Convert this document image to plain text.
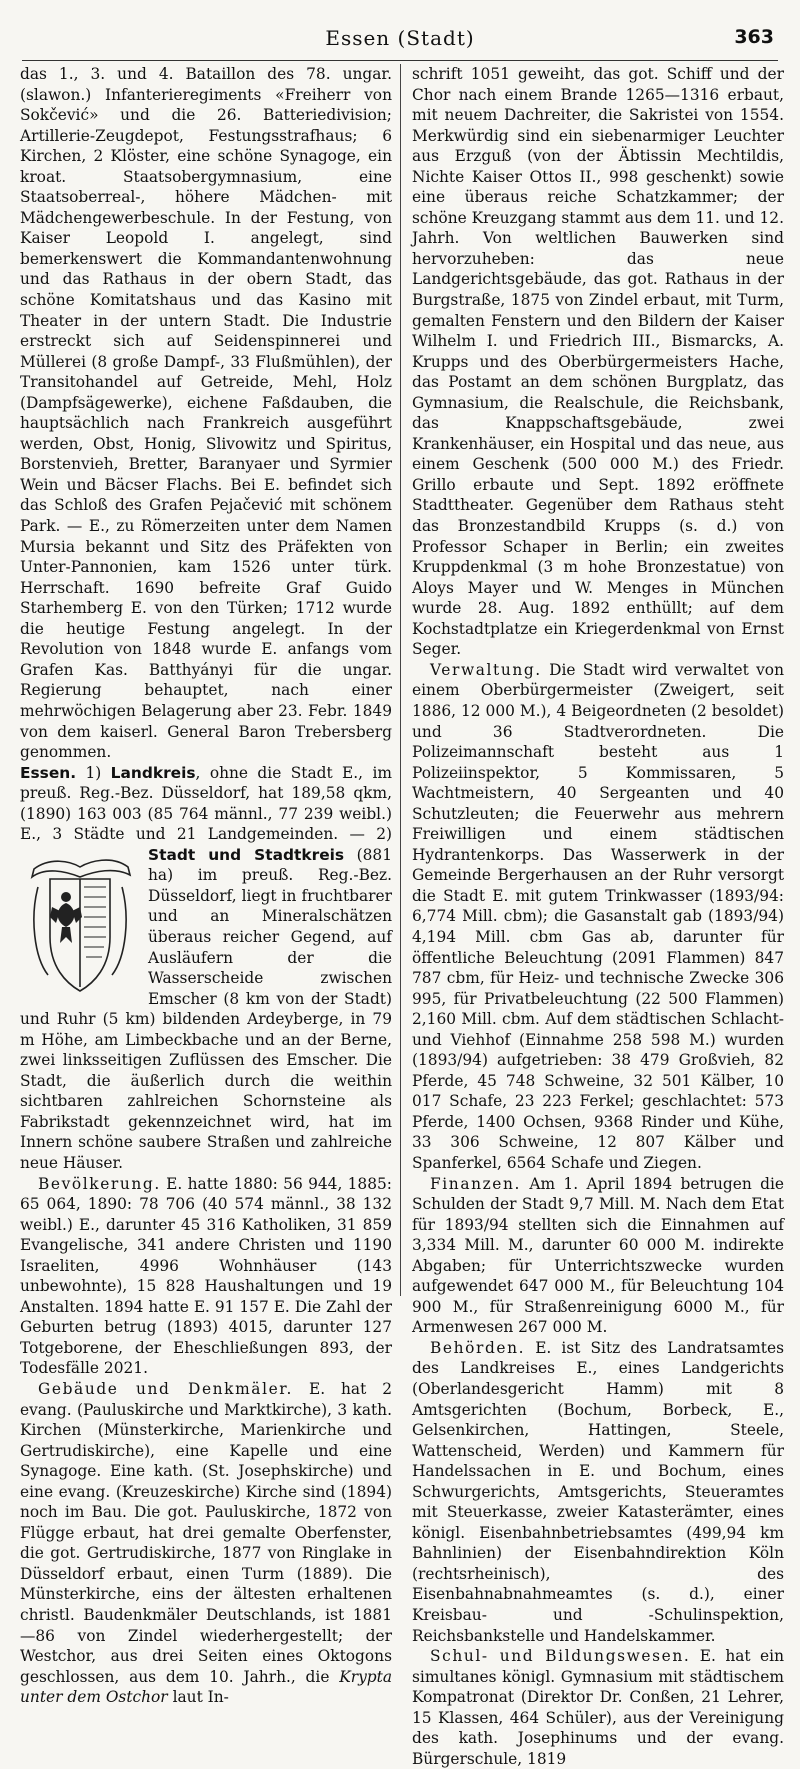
Essen (Stadt)	363

das 1., 3. und 4. Bataillon des 78. ungar. (slawon.) Infanterieregiments «Freiherr von Sokčević» und die 26. Batteriedivision; Artillerie-Zeugdepot, Festungsstrafhaus; 6 Kirchen, 2 Klöster, eine schöne Synagoge, ein kroat. Staatsobergymnasium, eine Staatsoberreal-, höhere Mädchen- mit Mädchengewerbeschule. In der Festung, von Kaiser Leopold I. angelegt, sind bemerkenswert die Kommandantenwohnung und das Rathaus in der obern Stadt, das schöne Komitatshaus und das Kasino mit Theater in der untern Stadt. Die Industrie erstreckt sich auf Seidenspinnerei und Müllerei (8 große Dampf-, 33 Flußmühlen), der Transitohandel auf Getreide, Mehl, Holz (Dampfsägewerke), eichene Faßdauben, die hauptsächlich nach Frankreich ausgeführt werden, Obst, Honig, Slivowitz und Spiritus, Borstenvieh, Bretter, Baranyaer und Syrmier Wein und Bäcser Flachs. Bei E. befindet sich das Schloß des Grafen Pejačević mit schönem Park. — E., zu Römerzeiten unter dem Namen Mursia bekannt und Sitz des Präfekten von Unter-Pannonien, kam 1526 unter türk. Herrschaft. 1690 befreite Graf Guido Starhemberg E. von den Türken; 1712 wurde die heutige Festung angelegt. In der Revolution von 1848 wurde E. anfangs vom Grafen Kas. Batthyányi für die ungar. Regierung behauptet, nach einer mehrwöchigen Belagerung aber 23. Febr. 1849 von dem kaiserl. General Baron Trebersberg genommen.

Essen. 1) Landkreis, ohne die Stadt E., im preuß. Reg.-Bez. Düsseldorf, hat 189,58 qkm, (1890) 163 003 (85 764 männl., 77 239 weibl.) E., 3 Städte und 21 Landgemeinden. — 2) Stadt und Stadtkreis
(881 ha) im preuß. Reg.-Bez. Düsseldorf, liegt in fruchtbarer und an Mineralschätzen überaus reicher Gegend, auf Ausläufern der die Wasserscheide zwischen Emscher (8 km von der Stadt) und Ruhr (5 km) bildenden Ardeyberge, in 79 m Höhe, am Limbeckbache und an der Berne, zwei linksseitigen Zuflüssen des Emscher. Die Stadt, die äußerlich durch die weithin sichtbaren zahlreichen Schornsteine als Fabrikstadt gekennzeichnet wird, hat im Innern schöne saubere Straßen und zahlreiche neue Häuser.

Bevölkerung. E. hatte 1880: 56 944, 1885: 65 064, 1890: 78 706 (40 574 männl., 38 132 weibl.) E., darunter 45 316 Katholiken, 31 859 Evangelische, 341 andere Christen und 1190 Israeliten, 4996 Wohnhäuser (143 unbewohnte), 15 828 Haushaltungen und 19 Anstalten. 1894 hatte E. 91 157 E. Die Zahl der Geburten betrug (1893) 4015, darunter 127 Totgeborene, der Eheschließungen 893, der Todesfälle 2021.

Gebäude und Denkmäler. E. hat 2 evang. (Pauluskirche und Marktkirche), 3 kath. Kirchen (Münsterkirche, Marienkirche und Gertrudiskirche), eine Kapelle und eine Synagoge. Eine kath. (St. Josephskirche) und eine evang. (Kreuzeskirche) Kirche sind (1894) noch im Bau. Die got. Pauluskirche, 1872 von Flügge erbaut, hat drei gemalte Oberfenster, die got. Gertrudiskirche, 1877 von Ringlake in Düsseldorf erbaut, einen Turm (1889). Die Münsterkirche, eins der ältesten erhaltenen christl. Baudenkmäler Deutschlands, ist 1881—86 von Zindel wiederhergestellt; der Westchor, aus drei Seiten eines Oktogons geschlossen, aus dem 10. Jahrh., die Krypta unter dem Ostchor laut In-

schrift 1051 geweiht, das got. Schiff und der Chor nach einem Brande 1265—1316 erbaut, mit neuem Dachreiter, die Sakristei von 1554. Merkwürdig sind ein siebenarmiger Leuchter aus Erzguß (von der Äbtissin Mechtildis, Nichte Kaiser Ottos II., 998 geschenkt) sowie eine überaus reiche Schatzkammer; der schöne Kreuzgang stammt aus dem 11. und 12. Jahrh. Von weltlichen Bauwerken sind hervorzuheben: das neue Landgerichtsgebäude, das got. Rathaus in der Burgstraße, 1875 von Zindel erbaut, mit Turm, gemalten Fenstern und den Bildern der Kaiser Wilhelm I. und Friedrich III., Bismarcks, A. Krupps und des Oberbürgermeisters Hache, das Postamt an dem schönen Burgplatz, das Gymnasium, die Realschule, die Reichsbank, das Knappschaftsgebäude, zwei Krankenhäuser, ein Hospital und das neue, aus einem Geschenk (500 000 M.) des Friedr. Grillo erbaute und Sept. 1892 eröffnete Stadttheater. Gegenüber dem Rathaus steht das Bronzestandbild Krupps (s. d.) von Professor Schaper in Berlin; ein zweites Kruppdenkmal (3 m hohe Bronzestatue) von Aloys Mayer und W. Menges in München wurde 28. Aug. 1892 enthüllt; auf dem Kochstadtplatze ein Kriegerdenkmal von Ernst Seger.

Verwaltung. Die Stadt wird verwaltet von einem Oberbürgermeister (Zweigert, seit 1886, 12 000 M.), 4 Beigeordneten (2 besoldet) und 36 Stadtverordneten. Die Polizeimannschaft besteht aus 1 Polizeiinspektor, 5 Kommissaren, 5 Wachtmeistern, 40 Sergeanten und 40 Schutzleuten; die Feuerwehr aus mehrern Freiwilligen und einem städtischen Hydrantenkorps. Das Wasserwerk in der Gemeinde Bergerhausen an der Ruhr versorgt die Stadt E. mit gutem Trinkwasser (1893/94: 6,774 Mill. cbm); die Gasanstalt gab (1893/94) 4,194 Mill. cbm Gas ab, darunter für öffentliche Beleuchtung (2091 Flammen) 847 787 cbm, für Heiz- und technische Zwecke 306 995, für Privatbeleuchtung (22 500 Flammen) 2,160 Mill. cbm. Auf dem städtischen Schlacht- und Viehhof (Einnahme 258 598 M.) wurden (1893/94) aufgetrieben: 38 479 Großvieh, 82 Pferde, 45 748 Schweine, 32 501 Kälber, 10 017 Schafe, 23 223 Ferkel; geschlachtet: 573 Pferde, 1400 Ochsen, 9368 Rinder und Kühe, 33 306 Schweine, 12 807 Kälber und Spanferkel, 6564 Schafe und Ziegen.

Finanzen. Am 1. April 1894 betrugen die Schulden der Stadt 9,7 Mill. M. Nach dem Etat für 1893/94 stellten sich die Einnahmen auf 3,334 Mill. M., darunter 60 000 M. indirekte Abgaben; für Unterrichtszwecke wurden aufgewendet 647 000 M., für Beleuchtung 104 900 M., für Straßenreinigung 6000 M., für Armenwesen 267 000 M.

Behörden. E. ist Sitz des Landratsamtes des Landkreises E., eines Landgerichts (Oberlandesgericht Hamm) mit 8 Amtsgerichten (Bochum, Borbeck, E., Gelsenkirchen, Hattingen, Steele, Wattenscheid, Werden) und Kammern für Handelssachen in E. und Bochum, eines Schwurgerichts, Amtsgerichts, Steueramtes mit Steuerkasse, zweier Katasterämter, eines königl. Eisenbahnbetriebsamtes (499,94 km Bahnlinien) der Eisenbahndirektion Köln (rechtsrheinisch), des Eisenbahnabnahmeamtes (s. d.), einer Kreisbau- und -Schulinspektion, Reichsbankstelle und Handelskammer.

Schul- und Bildungswesen. E. hat ein simultanes königl. Gymnasium mit städtischem Kompatronat (Direktor Dr. Conßen, 21 Lehrer, 15 Klassen, 464 Schüler), aus der Vereinigung des kath. Josephinums und der evang. Bürgerschule, 1819
